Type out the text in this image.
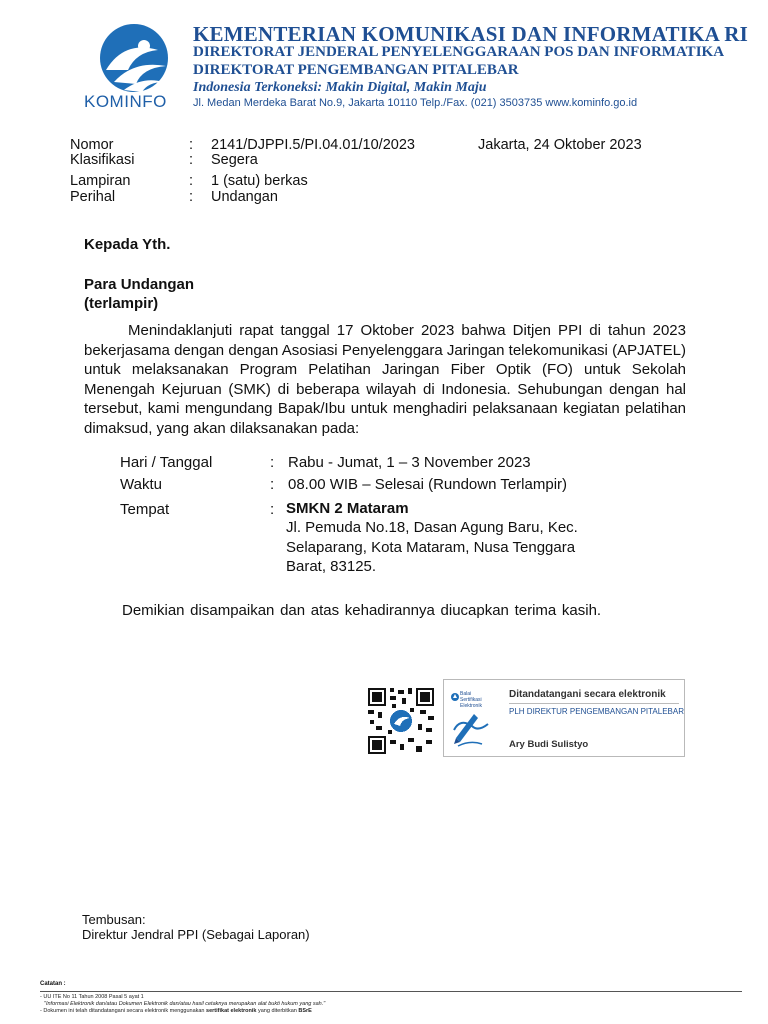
KOMINFO
KEMENTERIAN KOMUNIKASI DAN INFORMATIKA RI
DIREKTORAT JENDERAL PENYELENGGARAAN POS DAN INFORMATIKA
DIREKTORAT PENGEMBANGAN PITALEBAR
Indonesia Terkoneksi: Makin Digital, Makin Maju
Jl. Medan Merdeka Barat No.9, Jakarta 10110 Telp./Fax. (021) 3503735 www.kominfo.go.id
Nomor	: 2141/DJPPI.5/PI.04.01/10/2023	Jakarta, 24 Oktober 2023
Klasifikasi	: Segera
Lampiran	: 1 (satu) berkas
Perihal	: Undangan
Kepada Yth.
Para Undangan
(terlampir)
Menindaklanjuti rapat tanggal 17 Oktober 2023 bahwa Ditjen PPI di tahun 2023 bekerjasama dengan dengan Asosiasi Penyelenggara Jaringan telekomunikasi (APJATEL) untuk melaksanakan Program Pelatihan Jaringan Fiber Optik (FO) untuk Sekolah Menengah Kejuruan (SMK) di beberapa wilayah di Indonesia. Sehubungan dengan hal tersebut, kami mengundang Bapak/Ibu untuk menghadiri pelaksanaan kegiatan pelatihan dimaksud, yang akan dilaksanakan pada:
Hari / Tanggal	: Rabu - Jumat, 1 – 3 November 2023
Waktu	: 08.00 WIB – Selesai (Rundown Terlampir)
Tempat	: SMKN 2 Mataram
Jl. Pemuda No.18, Dasan Agung Baru, Kec.
Selaparang, Kota Mataram, Nusa Tenggara
Barat, 83125.
Demikian disampaikan dan atas kehadirannya diucapkan terima kasih.
Balai
Sertifikasi
Elektronik
Ditandatangani secara elektronik
PLH DIREKTUR PENGEMBANGAN PITALEBAR
Ary Budi Sulistyo
Tembusan:
Direktur Jendral PPI (Sebagai Laporan)
Catatan :
- UU ITE No 11 Tahun 2008 Pasal 5 ayat 1
"Informasi Elektronik dan/atau Dokumen Elektronik dan/atau hasil cetaknya merupakan alat bukti hukum yang sah."
- Dokumen ini telah ditandatangani secara elektronik menggunakan sertifikat elektronik yang diterbitkan BSrE
